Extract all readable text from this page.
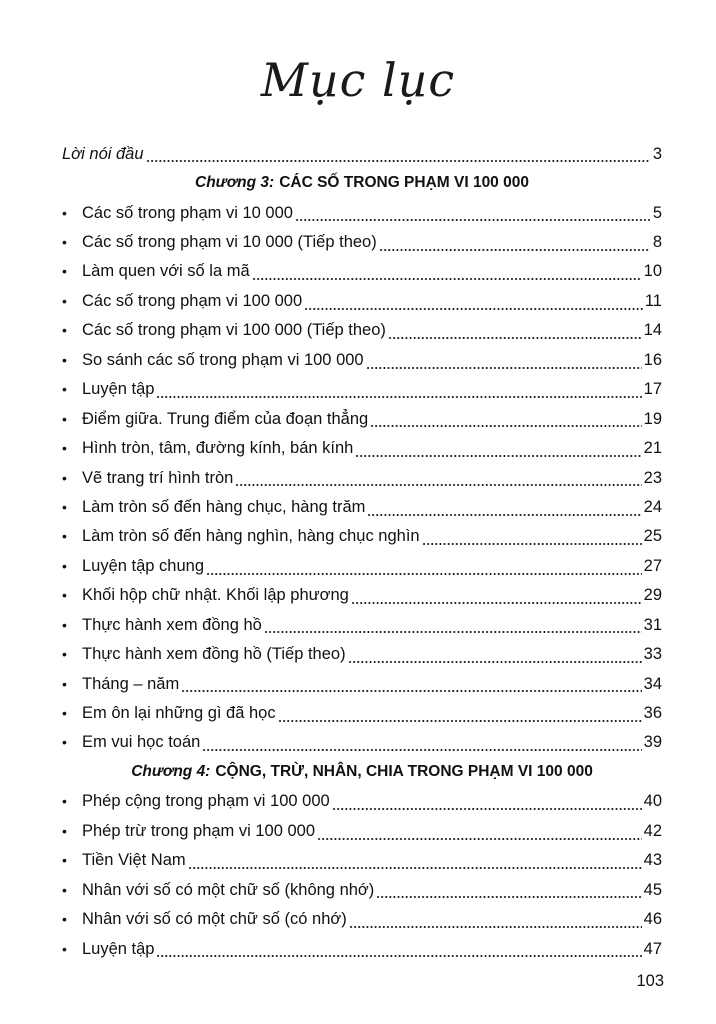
Mục lục
Lời nói đầu	3
Chương 3: CÁC SỐ TRONG PHẠM VI 100 000
• Các số trong phạm vi 10 000	5
• Các số trong phạm vi 10 000 (Tiếp theo)	8
• Làm quen với số la mã	10
• Các số trong phạm vi 100 000	11
• Các số trong phạm vi 100 000 (Tiếp theo)	14
• So sánh các số trong phạm vi 100 000	16
• Luyện tập	17
• Điểm giữa. Trung điểm của đoạn thẳng	19
• Hình tròn, tâm, đường kính, bán kính	21
• Vẽ trang trí hình tròn	23
• Làm tròn số đến hàng chục, hàng trăm	24
• Làm tròn số đến hàng nghìn, hàng chục nghìn	25
• Luyện tập chung	27
• Khối hộp chữ nhật. Khối lập phương	29
• Thực hành xem đồng hồ	31
• Thực hành xem đồng hồ (Tiếp theo)	33
• Tháng – năm	34
• Em ôn lại những gì đã học	36
• Em vui học toán	39
Chương 4: CỘNG, TRỪ, NHÂN, CHIA TRONG PHẠM VI 100 000
• Phép cộng trong phạm vi 100 000	40
• Phép trừ trong phạm vi 100 000	42
• Tiền Việt Nam	43
• Nhân với số có một chữ số (không nhớ)	45
• Nhân với số có một chữ số (có nhớ)	46
• Luyện tập	47
103
